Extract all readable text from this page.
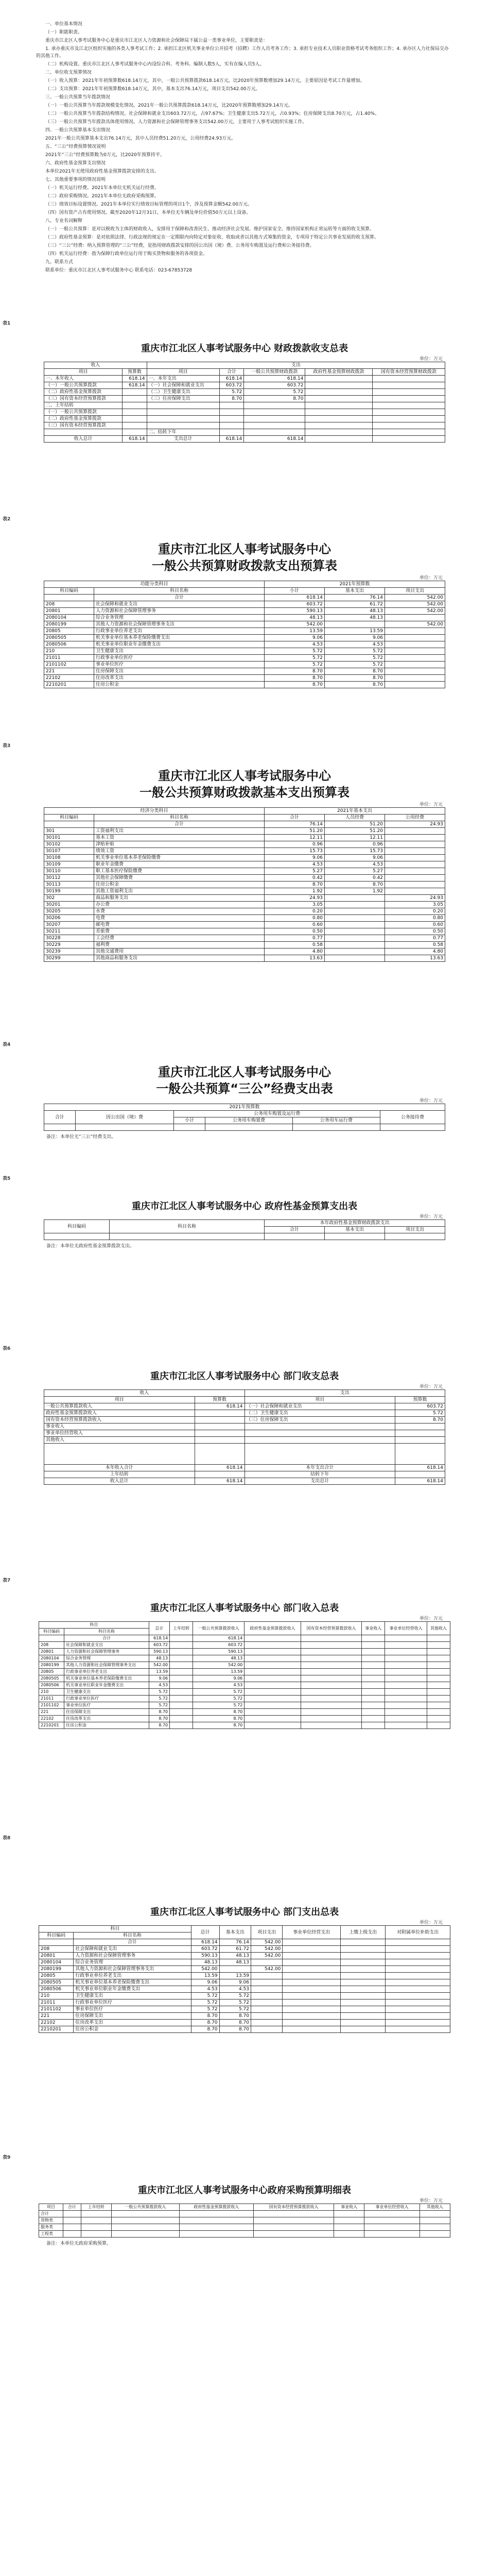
一、单位基本情况

（一）职能职责。

重庆市江北区人事考试服务中心是重庆市江北区人力资源和社会保障局下属公益一类事业单位，主要职责是：

1. 承办重庆市及江北区组织实施的各类人事考试工作；2. 承担江北区机关事业单位公开招考（招聘）工作人员考务工作；3. 承担专业技术人员职业资格考试考务组织工作；4. 承办区人力社保局交办的其他工作。

（二）机构设置。重庆市江北区人事考试服务中心内设综合科、考务科。编制人数5人，实有在编人员5人。

二、单位收支预算情况

（一）收入预算：2021年年初预算数618.14万元，其中，一般公共预算拨款618.14万元，比2020年预算数增加29.14万元，主要原因是考试工作量增加。

（二）支出预算：2021年年初预算数618.14万元，其中，基本支出76.14万元，项目支出542.00万元。

三、一般公共预算当年拨款情况

（一）一般公共预算当年拨款规模变化情况。2021年一般公共预算拨款618.14万元，比2020年预算数增加29.14万元。

（二）一般公共预算当年拨款结构情况。社会保障和就业支出603.72万元，占97.67%；卫生健康支出5.72万元，占0.93%；住房保障支出8.70万元，占1.40%。

（三）一般公共预算当年拨款具体使用情况。人力资源和社会保障管理事务支出542.00万元，主要用于人事考试组织实施工作。

四、一般公共预算基本支出情况

2021年一般公共预算基本支出76.14万元，其中人员经费51.20万元，公用经费24.93万元。

五、“三公”经费预算情况说明

2021年“三公”经费预算数为0万元，比2020年预算持平。

六、政府性基金预算支出情况

本单位2021年无使用政府性基金预算拨款安排的支出。

七、其他重要事项的情况说明

（一）机关运行经费。2021年本单位无机关运行经费。

（二）政府采购情况。2021年本单位无政府采购预算。

（三）绩效目标设置情况。2021年本单位实行绩效目标管理的项目1个，涉及预算金额542.00万元。

（四）国有资产占有使用情况。截至2020年12月31日，本单位无车辆及单位价值50万元以上设备。

八、专业名词解释

（一）一般公共预算：是对以税收为主体的财政收入，安排用于保障和改善民生、推动经济社会发展、维护国家安全、维持国家机构正常运转等方面的收支预算。

（二）政府性基金预算：是对依照法律、行政法规的规定在一定期限内向特定对象征收、收取或者以其他方式筹集的资金，专项用于特定公共事业发展的收支预算。

（三）“三公”经费：纳入预算管理的“三公”经费，是指用财政拨款安排的因公出国（境）费、公务用车购置及运行费和公务接待费。

（四）机关运行经费：指为保障行政单位运行用于购买货物和服务的各项资金。

九、联系方式

联系单位：重庆市江北区人事考试服务中心 联系电话：023-67853728

表1
重庆市江北区人事考试服务中心 财政拨款收支总表
单位：万元
收入		支出				
项目	预算数	项目	合计	一般公共预算财政拨款	政府性基金预算财政拨款	国有资本经营预算财政拨款
一、本年收入	618.14	一、本年支出	618.14	618.14		
（一）一般公共预算拨款	618.14	（一）社会保障和就业支出	603.72	603.72		
（二）政府性基金预算拨款		（二）卫生健康支出	5.72	5.72		
（三）国有资本经营预算拨款		（三）住房保障支出	8.70	8.70		
二、上年结转						
（一）一般公共预算拨款						
（二）政府性基金预算拨款						
（三）国有资本经营预算拨款						
		二、结转下年				
收入总计	618.14	支出总计	618.14	618.14		
表2
重庆市江北区人事考试服务中心
一般公共预算财政拨款支出预算表
单位：万元
功能分类科目		2021年预算数		
科目编码	科目名称	小计	基本支出	项目支出
	合计	618.14	76.14	542.00
208	社会保障和就业支出	603.72	61.72	542.00
20801	人力资源和社会保障管理事务	590.13	48.13	542.00
2080104	综合业务管理	48.13	48.13	
2080199	其他人力资源和社会保障管理事务支出	542.00		542.00
20805	行政事业单位养老支出	13.59	13.59	
2080505	机关事业单位基本养老保险缴费支出	9.06	9.06	
2080506	机关事业单位职业年金缴费支出	4.53	4.53	
210	卫生健康支出	5.72	5.72	
21011	行政事业单位医疗	5.72	5.72	
2101102	事业单位医疗	5.72	5.72	
221	住房保障支出	8.70	8.70	
22102	住房改革支出	8.70	8.70	
2210201	住房公积金	8.70	8.70	
表3
重庆市江北区人事考试服务中心
一般公共预算财政拨款基本支出预算表
单位：万元
经济分类科目		2021年基本支出		
科目编码	科目名称	合计	人员经费	公用经费
	合计	76.14	51.20	24.93
301	工资福利支出	51.20	51.20	
30101	基本工资	12.11	12.11	
30102	津贴补贴	0.96	0.96	
30107	绩效工资	15.73	15.73	
30108	机关事业单位基本养老保险缴费	9.06	9.06	
30109	职业年金缴费	4.53	4.53	
30110	职工基本医疗保险缴费	5.27	5.27	
30112	其他社会保障缴费	0.42	0.42	
30113	住房公积金	8.70	8.70	
30199	其他工资福利支出	1.92	1.92	
302	商品和服务支出	24.93		24.93
30201	办公费	3.05		3.05
30205	水费	0.20		0.20
30206	电费	0.80		0.80
30207	邮电费	0.60		0.60
30211	差旅费	0.50		0.50
30228	工会经费	0.77		0.77
30229	福利费	0.58		0.58
30239	其他交通费用	4.80		4.80
30299	其他商品和服务支出	13.63		13.63
表4
重庆市江北区人事考试服务中心
一般公共预算“三公”经费支出表
单位：万元
2021年预算数					
合计	因公出国（境）费	公务用车购置及运行费			公务接待费
		小计	公务用车购置费	公务用车运行费	

备注：本单位无“三公”经费支出。
表5
重庆市江北区人事考试服务中心 政府性基金预算支出表
单位：万元
科目编码	科目名称	本年政府性基金预算财政拨款支出		
		合计	基本支出	项目支出

备注：本单位无政府性基金预算拨款支出。
表6
重庆市江北区人事考试服务中心 部门收支总表
单位：万元
收入		支出	
项目	预算数	项目	预算数
一般公共预算拨款收入	618.14	（一）社会保障和就业支出	603.72
政府性基金预算拨款收入		（二）卫生健康支出	5.72
国有资本经营预算拨款收入		（三）住房保障支出	8.70
事业收入			
事业单位经营收入			
其他收入			

本年收入合计	618.14	本年支出合计	618.14
上年结转		结转下年	
收入总计	618.14	支出总计	618.14
表7
重庆市江北区人事考试服务中心 部门收入总表
单位：万元
科目		总计	上年结转	一般公共预算拨款收入	政府性基金预算拨款收入	国有资本经营预算拨款收入	事业收入	事业单位经营收入	其他收入
科目编码	科目名称								
	合计	618.14		618.14					
208	社会保障和就业支出	603.72		603.72					
20801	人力资源和社会保障管理事务	590.13		590.13					
2080104	综合业务管理	48.13		48.13					
2080199	其他人力资源和社会保障管理事务支出	542.00		542.00					
20805	行政事业单位养老支出	13.59		13.59					
2080505	机关事业单位基本养老保险缴费支出	9.06		9.06					
2080506	机关事业单位职业年金缴费支出	4.53		4.53					
210	卫生健康支出	5.72		5.72					
21011	行政事业单位医疗	5.72		5.72					
2101102	事业单位医疗	5.72		5.72					
221	住房保障支出	8.70		8.70					
22102	住房改革支出	8.70		8.70					
2210201	住房公积金	8.70		8.70					
表8
重庆市江北区人事考试服务中心 部门支出总表
单位：万元
科目		总计	基本支出	项目支出	事业单位经营支出	上缴上级支出	对附属单位补助支出
科目编码	科目名称						
	合计	618.14	76.14	542.00			
208	社会保障和就业支出	603.72	61.72	542.00			
20801	人力资源和社会保障管理事务	590.13	48.13	542.00			
2080104	综合业务管理	48.13	48.13				
2080199	其他人力资源和社会保障管理事务支出	542.00		542.00			
20805	行政事业单位养老支出	13.59	13.59				
2080505	机关事业单位基本养老保险缴费支出	9.06	9.06				
2080506	机关事业单位职业年金缴费支出	4.53	4.53				
210	卫生健康支出	5.72	5.72				
21011	行政事业单位医疗	5.72	5.72				
2101102	事业单位医疗	5.72	5.72				
221	住房保障支出	8.70	8.70				
22102	住房改革支出	8.70	8.70				
2210201	住房公积金	8.70	8.70				
表9
重庆市江北区人事考试服务中心政府采购预算明细表
单位：万元
项目	合计	上年结转	一般公共预算拨款收入	政府性基金预算拨款收入	国有资本经营预算拨款收入	事业收入	事业单位经营收入	其他收入
合计								
货物类								
服务类								
工程类								
备注：本单位无政府采购预算。
